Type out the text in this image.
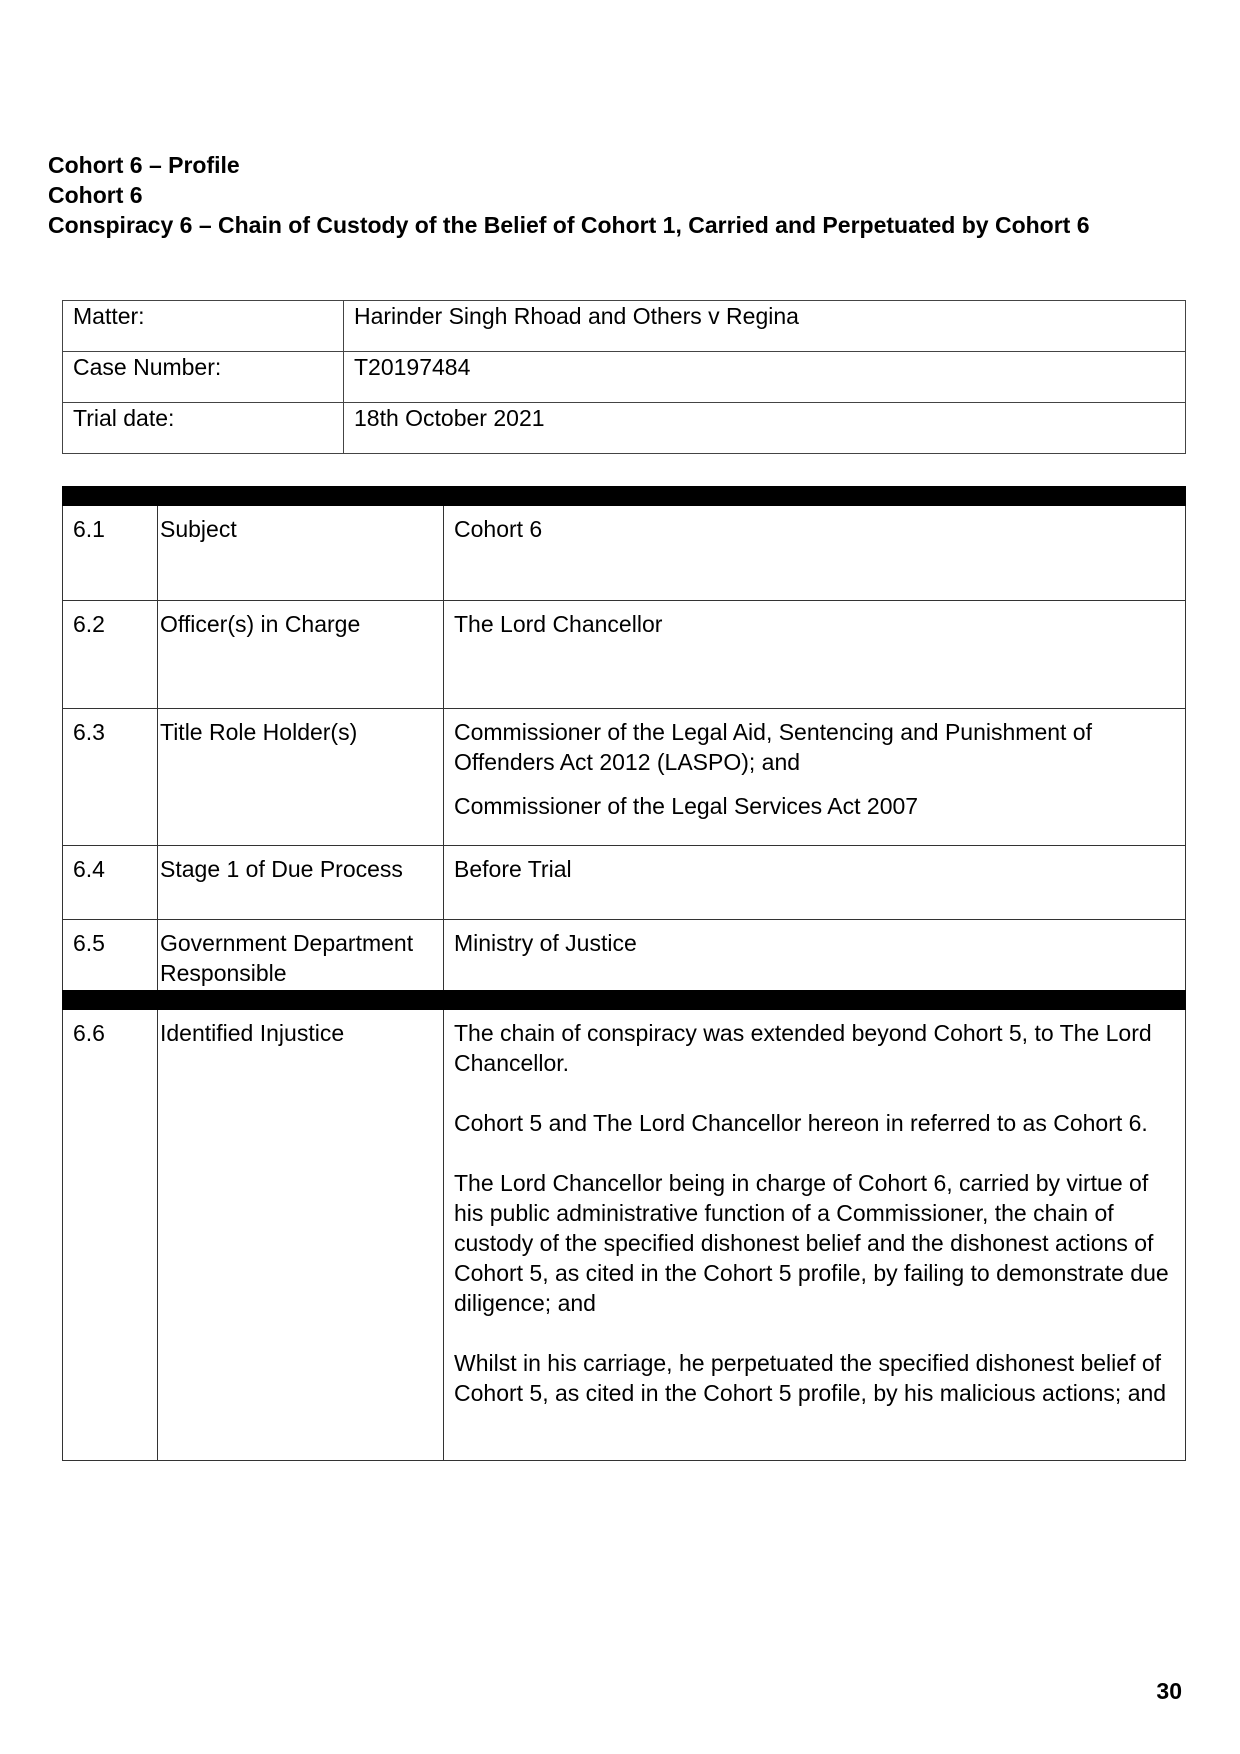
Cohort 6 – Profile
Cohort 6
Conspiracy 6 – Chain of Custody of the Belief of Cohort 1, Carried and Perpetuated by Cohort 6
Matter:	Harinder Singh Rhoad and Others v Regina
Case Number:	T20197484
Trial date:	18th October 2021
6.1	Subject	Cohort 6

6.2	Officer(s) in Charge	The Lord Chancellor

6.3	Title Role Holder(s)	Commissioner of the Legal Aid, Sentencing and Punishment of Offenders Act 2012 (LASPO); and

Commissioner of the Legal Services Act 2007

6.4	Stage 1 of Due Process	Before Trial

6.5	Government Department Responsible	Ministry of Justice

6.6	Identified Injustice	The chain of conspiracy was extended beyond Cohort 5, to The Lord Chancellor.

Cohort 5 and The Lord Chancellor hereon in referred to as Cohort 6.

The Lord Chancellor being in charge of Cohort 6, carried by virtue of his public administrative function of a Commissioner, the chain of custody of the specified dishonest belief and the dishonest actions of Cohort 5, as cited in the Cohort 5 profile, by failing to demonstrate due diligence; and

Whilst in his carriage, he perpetuated the specified dishonest belief of Cohort 5, as cited in the Cohort 5 profile, by his malicious actions; and

30
